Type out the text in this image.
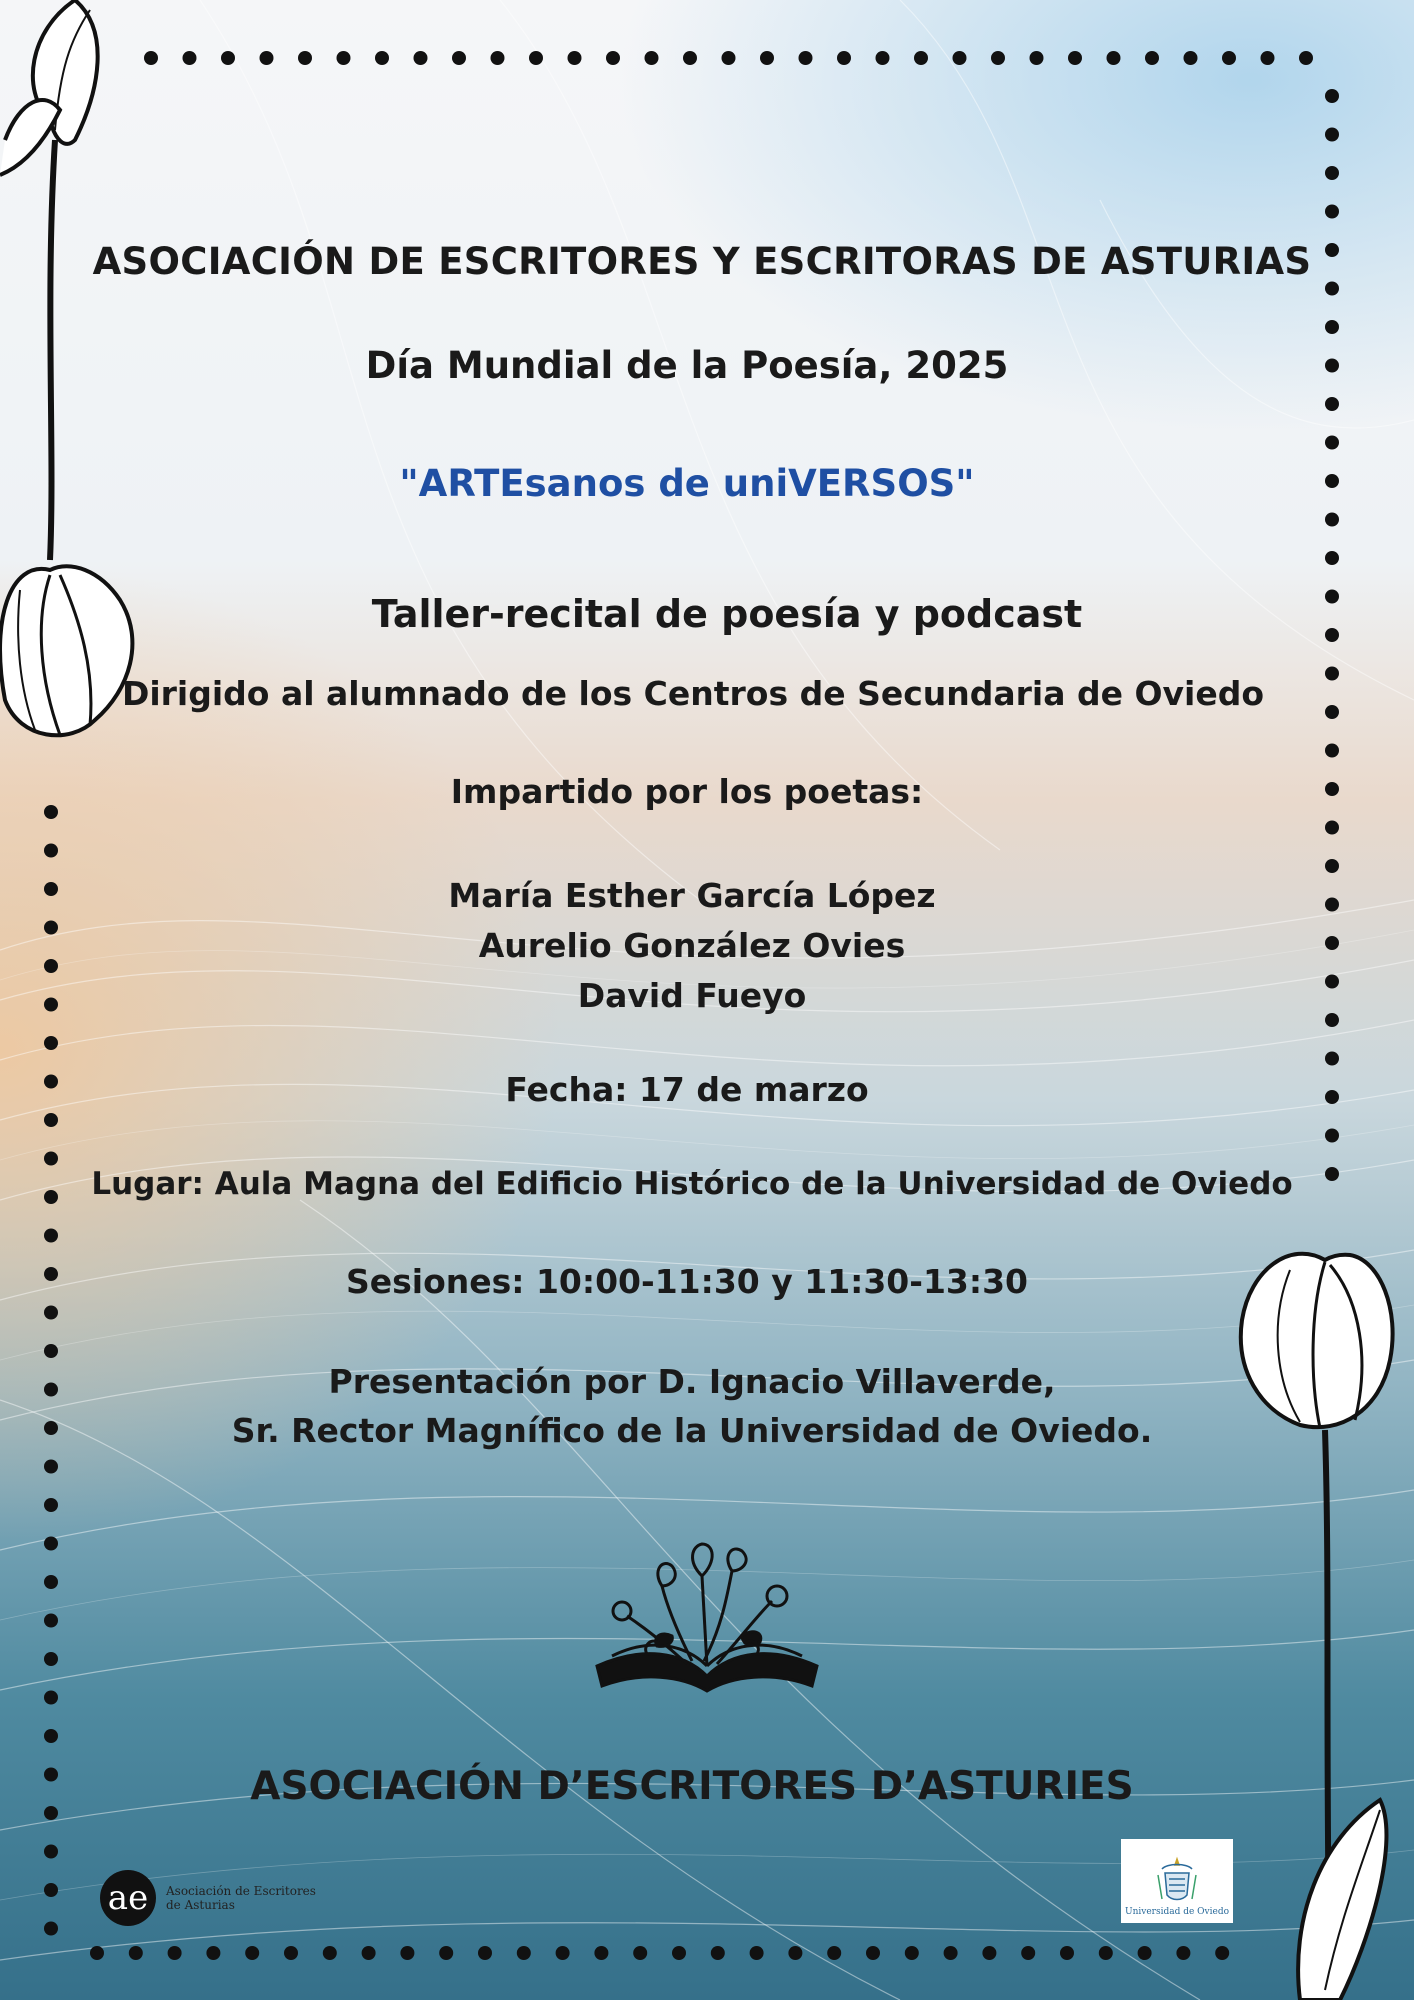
ASOCIACIÓN DE ESCRITORES Y ESCRITORAS DE ASTURIAS
Día Mundial de la Poesía, 2025
"ARTEsanos de uniVERSOS"
Taller-recital de poesía y podcast
Dirigido al alumnado de los Centros de Secundaria de Oviedo
Impartido por los poetas:
María Esther García López
Aurelio González Ovies
David Fueyo
Fecha: 17 de marzo
Lugar: Aula Magna del Edificio Histórico de la Universidad de Oviedo
Sesiones: 10:00-11:30 y 11:30-13:30
Presentación por D. Ignacio Villaverde,
Sr. Rector Magnífico de la Universidad de Oviedo.
ASOCIACIÓN D’ESCRITORES D’ASTURIES
ae	Asociación de Escritores
de Asturias	Universidad de Oviedo
